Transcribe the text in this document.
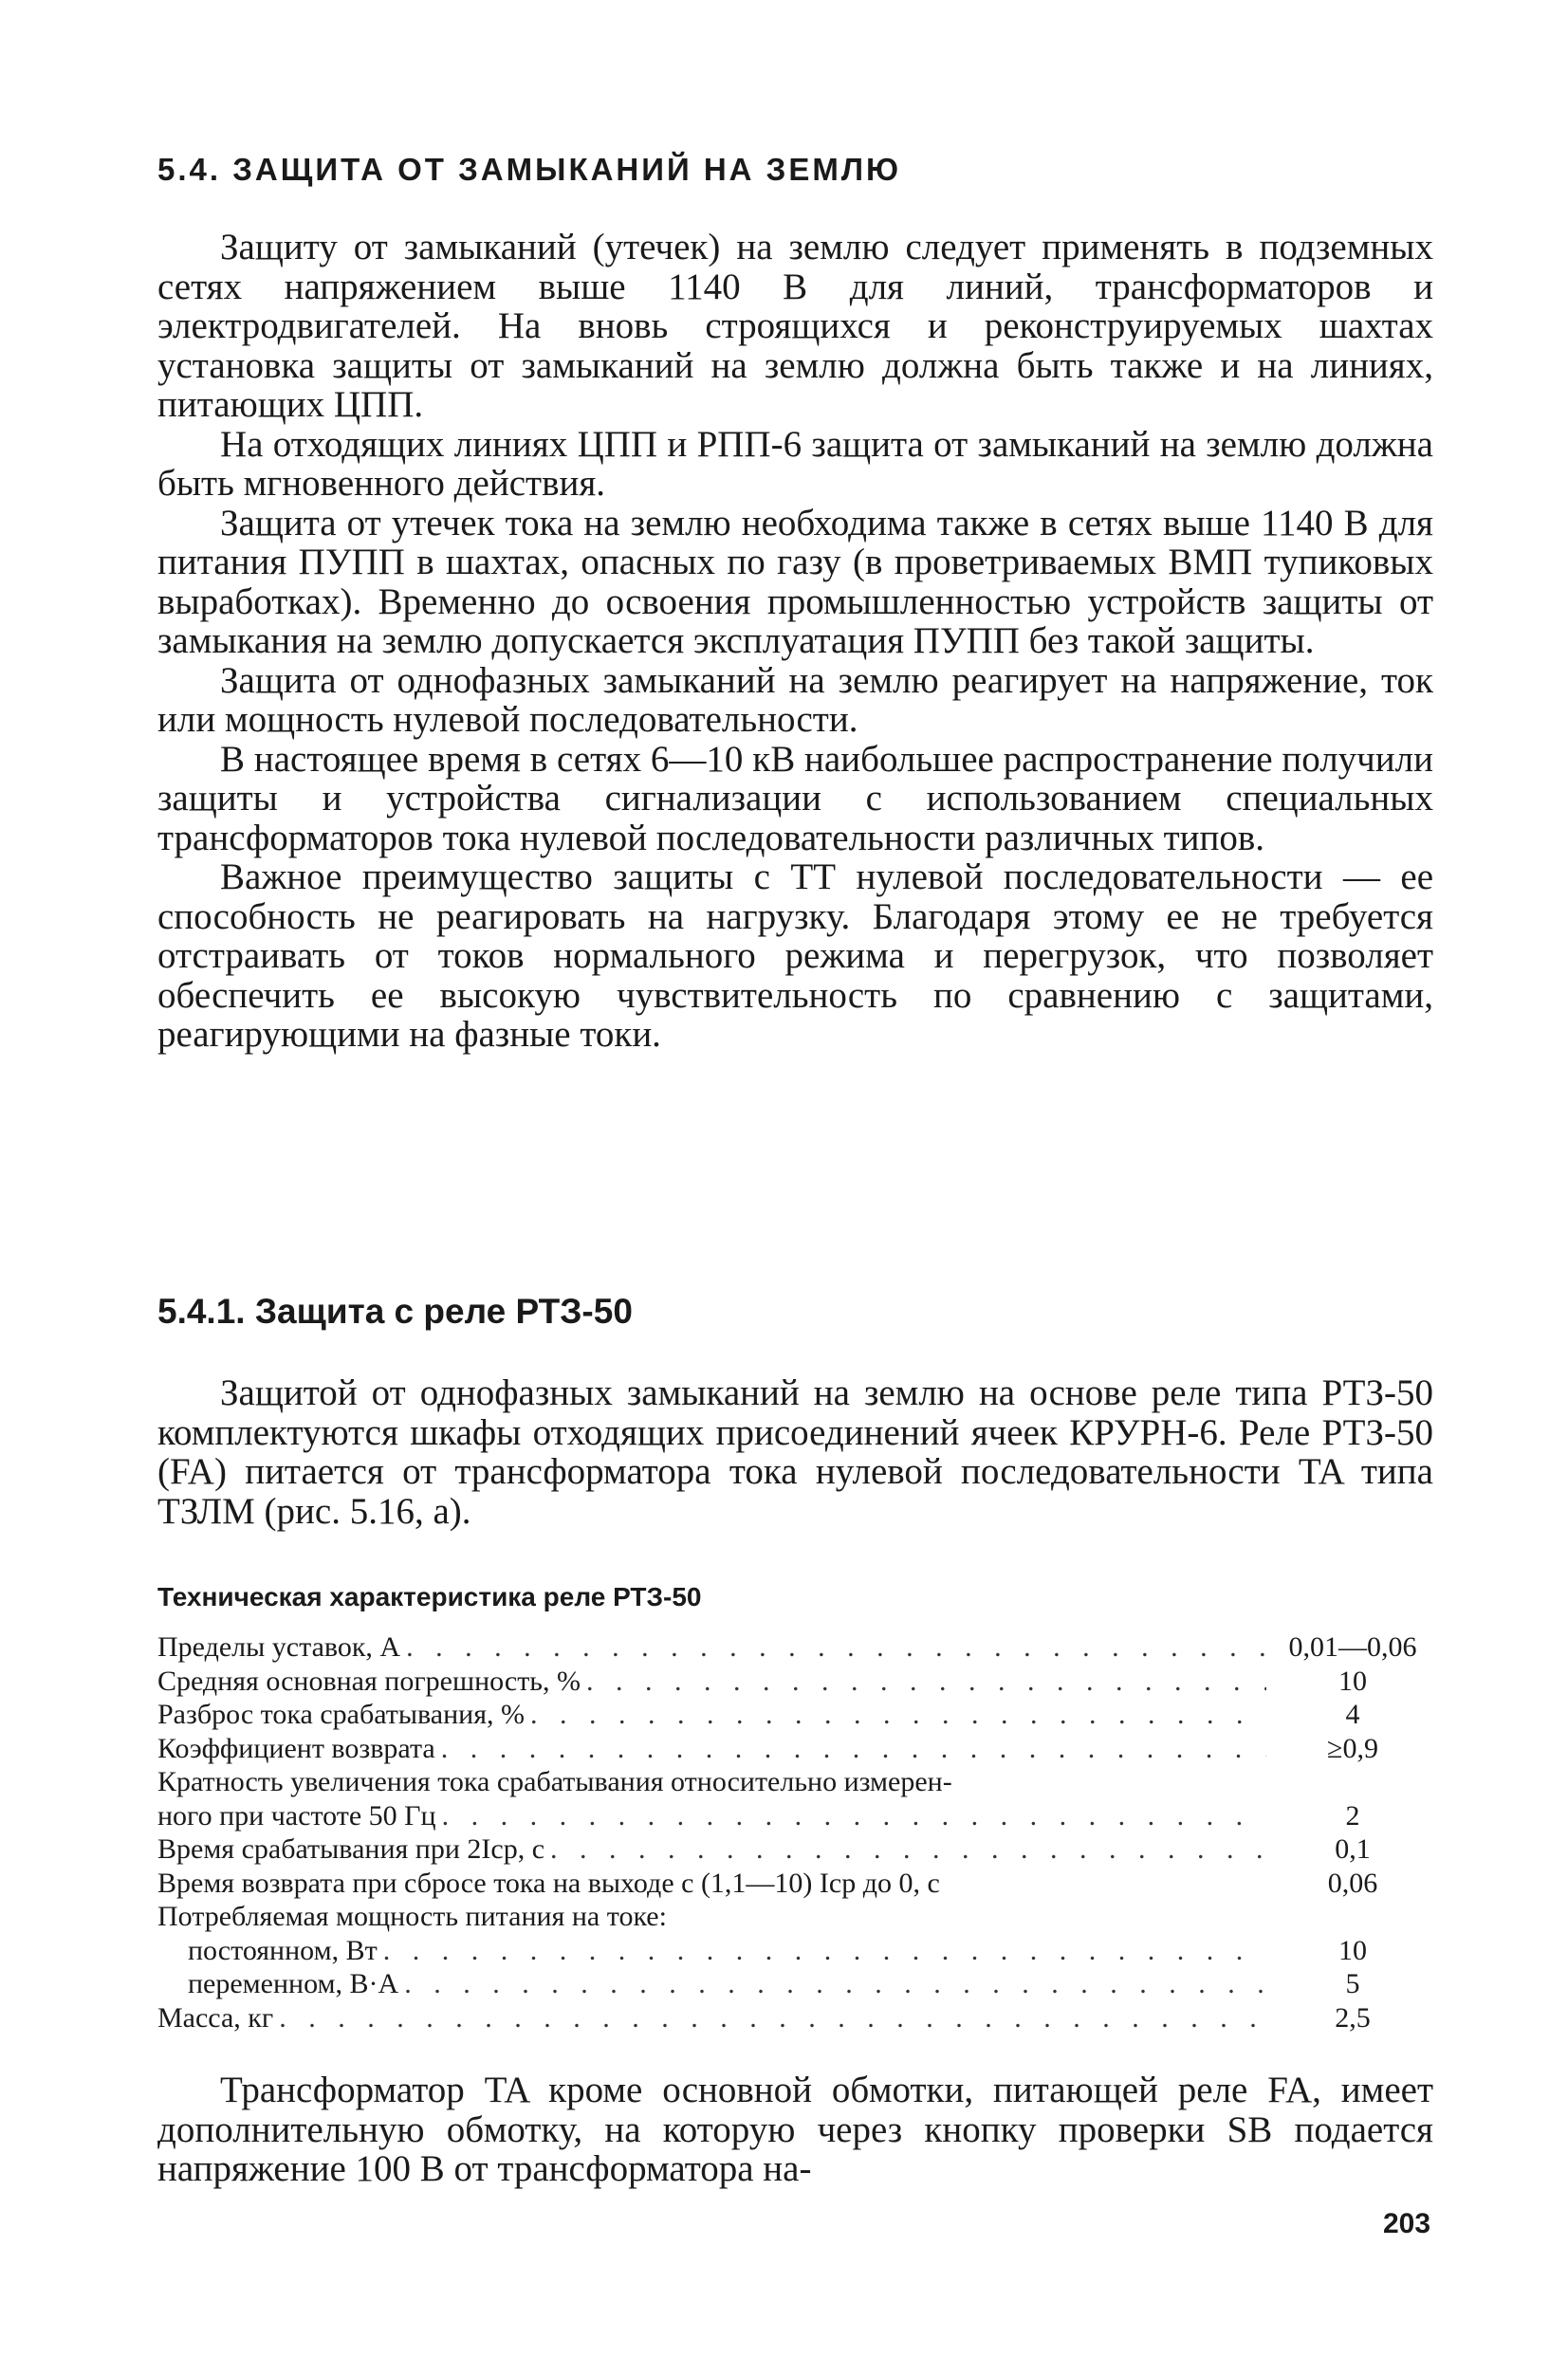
5.4. ЗАЩИТА ОТ ЗАМЫКАНИЙ НА ЗЕМЛЮ

Защиту от замыканий (утечек) на землю следует применять в подземных сетях напряжением выше 1140 В для линий, трансформаторов и электродвигателей. На вновь строящихся и реконструируемых шахтах установка защиты от замыканий на землю должна быть также и на линиях, питающих ЦПП.

На отходящих линиях ЦПП и РПП-6 защита от замыканий на землю должна быть мгновенного действия.

Защита от утечек тока на землю необходима также в сетях выше 1140 В для питания ПУПП в шахтах, опасных по газу (в проветриваемых ВМП тупиковых выработках). Временно до освоения промышленностью устройств защиты от замыкания на землю допускается эксплуатация ПУПП без такой защиты.

Защита от однофазных замыканий на землю реагирует на напряжение, ток или мощность нулевой последовательности.

В настоящее время в сетях 6—10 кВ наибольшее распространение получили защиты и устройства сигнализации с использованием специальных трансформаторов тока нулевой последовательности различных типов.

Важное преимущество защиты с ТТ нулевой последовательности — ее способность не реагировать на нагрузку. Благодаря этому ее не требуется отстраивать от токов нормального режима и перегрузок, что позволяет обеспечить ее высокую чувствительность по сравнению с защитами, реагирующими на фазные токи.

5.4.1. Защита с реле РТЗ-50

Защитой от однофазных замыканий на землю на основе реле типа РТЗ-50 комплектуются шкафы отходящих присоединений ячеек КРУРН-6. Реле РТЗ-50 (FA) питается от трансформатора тока нулевой последовательности TA типа ТЗЛМ (рис. 5.16, а).

Техническая характеристика реле РТЗ-50
Пределы уставок, А . . .	0,01—0,06
Средняя основная погрешность, % . . .	10
Разброс тока срабатывания, % . . .	4
Коэффициент возврата . . .	≥0,9
Кратность увеличения тока срабатывания относительно измерен-
ного при частоте 50 Гц . . .	2
Время срабатывания при 2Iср, с . . .	0,1
Время возврата при сбросе тока на выходе с (1,1—10) Iср до 0, с	0,06
Потребляемая мощность питания на токе:
постоянном, Вт . . .	10
переменном, В·А . . .	5
Масса, кг . . .	2,5

Трансформатор TA кроме основной обмотки, питающей реле FA, имеет дополнительную обмотку, на которую через кнопку проверки SB подается напряжение 100 В от трансформатора на-

203
